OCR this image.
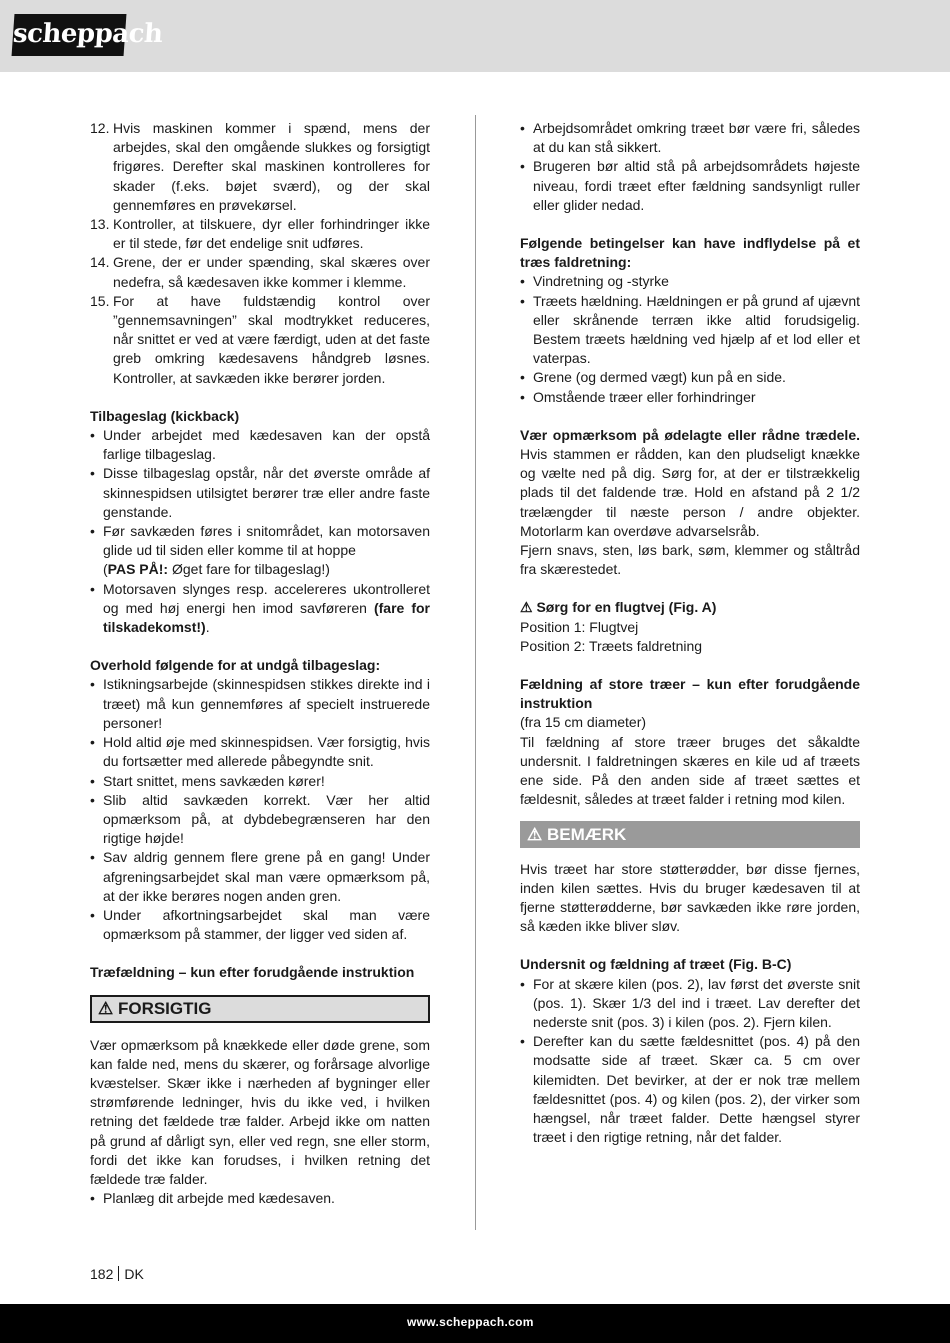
scheppach
12. Hvis maskinen kommer i spænd, mens der arbejdes, skal den omgående slukkes og forsigtigt frigøres. Derefter skal maskinen kontrolleres for skader (f.eks. bøjet sværd), og der skal gennemføres en prøvekørsel.
13. Kontroller, at tilskuere, dyr eller forhindringer ikke er til stede, før det endelige snit udføres.
14. Grene, der er under spænding, skal skæres over nedefra, så kædesaven ikke kommer i klemme.
15. For at have fuldstændig kontrol over ”gennemsavningen” skal modtrykket reduceres, når snittet er ved at være færdigt, uden at det faste greb omkring kædesavens håndgreb løsnes. Kontroller, at savkæden ikke berører jorden.

Tilbageslag (kickback)

• Under arbejdet med kædesaven kan der opstå farlige tilbageslag.
• Disse tilbageslag opstår, når det øverste område af skinnespidsen utilsigtet berører træ eller andre faste genstande.
• Før savkæden føres i snitområdet, kan motorsaven glide ud til siden eller komme til at hoppe
(PAS PÅ!: Øget fare for tilbageslag!)
• Motorsaven slynges resp. accelereres ukontrolleret og med høj energi hen imod savføreren (fare for tilskadekomst!).

Overhold følgende for at undgå tilbageslag:

• Istikningsarbejde (skinnespidsen stikkes direkte ind i træet) må kun gennemføres af specielt instruerede personer!
• Hold altid øje med skinnespidsen. Vær forsigtig, hvis du fortsætter med allerede påbegyndte snit.
• Start snittet, mens savkæden kører!
• Slib altid savkæden korrekt. Vær her altid opmærksom på, at dybdebegrænseren har den rigtige højde!
• Sav aldrig gennem flere grene på en gang! Under afgreningsarbejdet skal man være opmærksom på, at der ikke berøres nogen anden gren.
• Under afkortningsarbejdet skal man være opmærksom på stammer, der ligger ved siden af.

Træfældning – kun efter forudgående instruktion

⚠ FORSIGTIG

Vær opmærksom på knækkede eller døde grene, som kan falde ned, mens du skærer, og forårsage alvorlige kvæstelser. Skær ikke i nærheden af bygninger eller strømførende ledninger, hvis du ikke ved, i hvilken retning det fældede træ falder. Arbejd ikke om natten på grund af dårligt syn, eller ved regn, sne eller storm, fordi det ikke kan forudses, i hvilken retning det fældede træ falder.

• Planlæg dit arbejde med kædesaven.
• Arbejdsområdet omkring træet bør være fri, således at du kan stå sikkert.
• Brugeren bør altid stå på arbejdsområdets højeste niveau, fordi træet efter fældning sandsynligt ruller eller glider nedad.

Følgende betingelser kan have indflydelse på et træs faldretning:

• Vindretning og -styrke
• Træets hældning. Hældningen er på grund af ujævnt eller skrånende terræn ikke altid forudsigelig. Bestem træets hældning ved hjælp af et lod eller et vaterpas.
• Grene (og dermed vægt) kun på en side.
• Omstående træer eller forhindringer

Vær opmærksom på ødelagte eller rådne trædele. Hvis stammen er rådden, kan den pludseligt knække og vælte ned på dig. Sørg for, at der er tilstrækkelig plads til det faldende træ. Hold en afstand på 2 1/2 trælængder til næste person / andre objekter. Motorlarm kan overdøve advarselsråb.

Fjern snavs, sten, løs bark, søm, klemmer og ståltråd fra skærestedet.

⚠ Sørg for en flugtvej (Fig. A)

Position 1: Flugtvej

Position 2: Træets faldretning

Fældning af store træer – kun efter forudgående instruktion

(fra 15 cm diameter)

Til fældning af store træer bruges det såkaldte undersnit. I faldretningen skæres en kile ud af træets ene side. På den anden side af træet sættes et fældesnit, således at træet falder i retning mod kilen.

⚠ BEMÆRK

Hvis træet har store støtterødder, bør disse fjernes, inden kilen sættes. Hvis du bruger kædesaven til at fjerne støtterødderne, bør savkæden ikke røre jorden, så kæden ikke bliver sløv.

Undersnit og fældning af træet (Fig. B-C)

• For at skære kilen (pos. 2), lav først det øverste snit (pos. 1). Skær 1/3 del ind i træet. Lav derefter det nederste snit (pos. 3) i kilen (pos. 2). Fjern kilen.
• Derefter kan du sætte fældesnittet (pos. 4) på den modsatte side af træet. Skær ca. 5 cm over kilemidten. Det bevirker, at der er nok træ mellem fældesnittet (pos. 4) og kilen (pos. 2), der virker som hængsel, når træet falder. Dette hængsel styrer træet i den rigtige retning, når det falder.
182 DK
www.scheppach.com
